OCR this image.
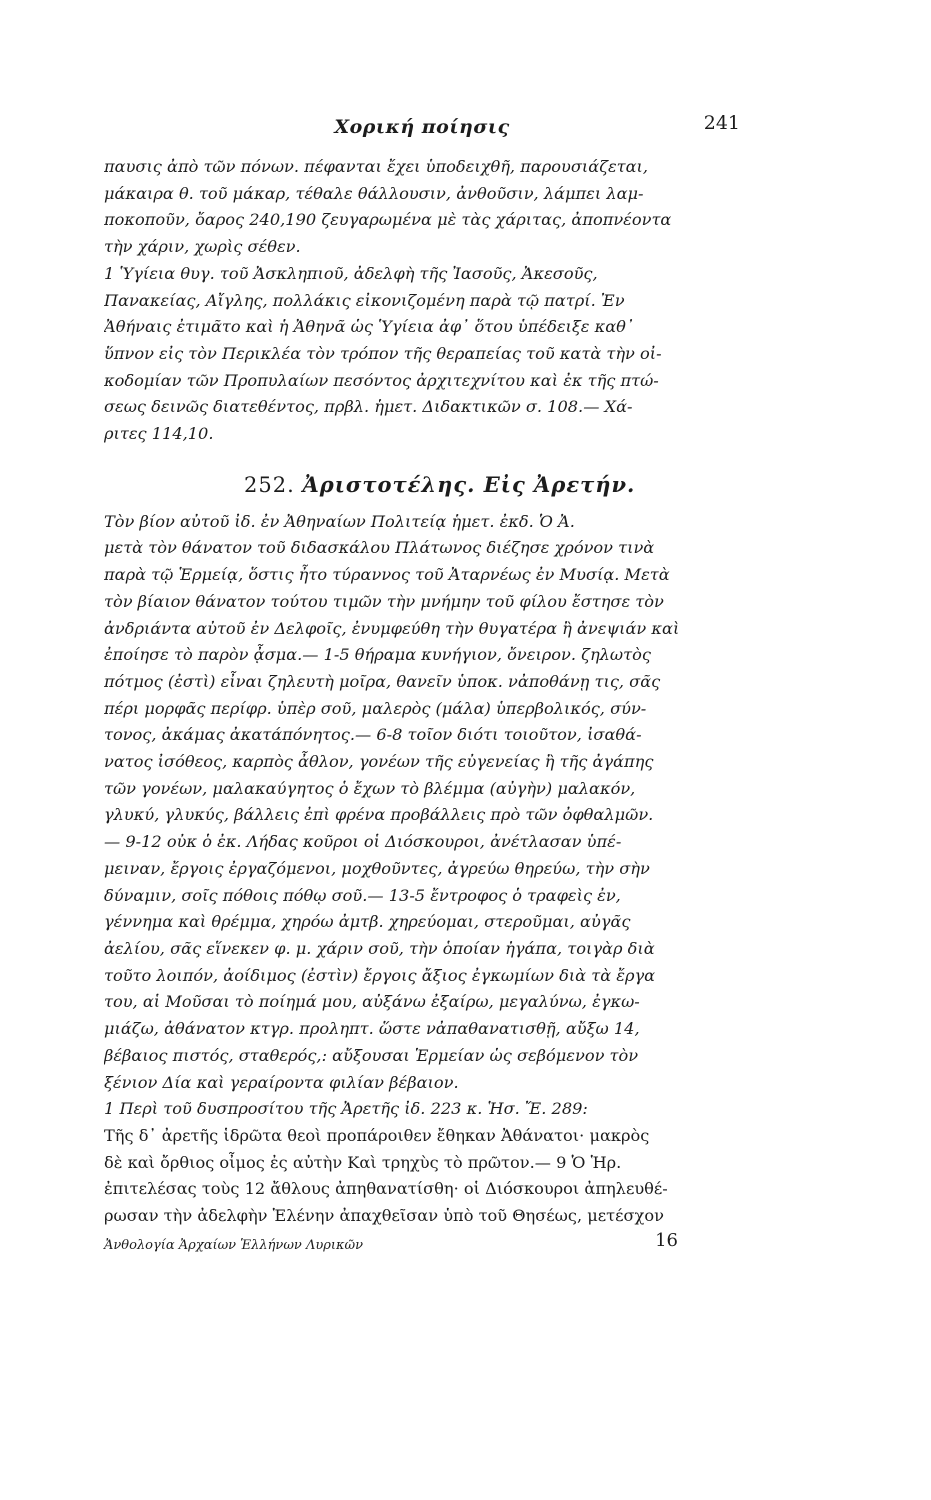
Χορική ποίησις	241
παυσις ἀπὸ τῶν πόνων. πέφανται ἔχει ὑποδειχθῆ, παρουσιάζεται,
μάκαιρα θ. τοῦ μάκαρ, τέθαλε θάλλουσιν, ἀνθοῦσιν, λάμπει λαμ-
ποκοποῦν, ὄαρος 240,190 ζευγαρωμένα μὲ τὰς χάριτας, ἀποπνέοντα
τὴν χάριν, χωρὶς σέθεν.
1 Ὑγίεια θυγ. τοῦ Ἀσκληπιοῦ, ἀδελφὴ τῆς Ἰασοῦς, Ἀκεσοῦς,
Πανακείας, Αἴγλης, πολλάκις εἰκονιζομένη παρὰ τῷ πατρί. Ἐν
Ἀθήναις ἐτιμᾶτο καὶ ἡ Ἀθηνᾶ ὡς Ὑγίεια ἀφ᾽ ὅτου ὑπέδειξε καθ᾽
ὕπνον εἰς τὸν Περικλέα τὸν τρόπον τῆς θεραπείας τοῦ κατὰ τὴν οἰ-
κοδομίαν τῶν Προπυλαίων πεσόντος ἀρχιτεχνίτου καὶ ἐκ τῆς πτώ-
σεως δεινῶς διατεθέντος, πρβλ. ἡμετ. Διδακτικῶν σ. 108.— Χά-
ριτες 114,10.
252. Ἀριστοτέλης. Εἰς Ἀρετήν.
Τὸν βίον αὐτοῦ ἰδ. ἐν Ἀθηναίων Πολιτείᾳ ἡμετ. ἐκδ. Ὁ Ἀ.
μετὰ τὸν θάνατον τοῦ διδασκάλου Πλάτωνος διέζησε χρόνον τινὰ
παρὰ τῷ Ἑρμείᾳ, ὅστις ἦτο τύραννος τοῦ Ἀταρνέως ἐν Μυσίᾳ. Μετὰ
τὸν βίαιον θάνατον τούτου τιμῶν τὴν μνήμην τοῦ φίλου ἔστησε τὸν
ἀνδριάντα αὐτοῦ ἐν Δελφοῖς, ἐνυμφεύθη τὴν θυγατέρα ἢ ἀνεψιάν καὶ
ἐποίησε τὸ παρὸν ᾆσμα.— 1-5 θήραμα κυνήγιον, ὄνειρον. ζηλωτὸς
πότμος (ἐστὶ) εἶναι ζηλευτὴ μοῖρα, θανεῖν ὑποκ. νἀποθάνῃ τις, σᾶς
πέρι μορφᾶς περίφρ. ὑπὲρ σοῦ, μαλερὸς (μάλα) ὑπερβολικός, σύν-
τονος, ἀκάμας ἀκατάπόνητος.— 6-8 τοῖον διότι τοιοῦτον, ἰσαθά-
νατος ἰσόθεος, καρπὸς ἆθλον, γονέων τῆς εὐγενείας ἢ τῆς ἀγάπης
τῶν γονέων, μαλακαύγητος ὁ ἔχων τὸ βλέμμα (αὐγὴν) μαλακόν,
γλυκύ, γλυκύς, βάλλεις ἐπὶ φρένα προβάλλεις πρὸ τῶν ὀφθαλμῶν.
— 9-12 οὐκ ὁ ἐκ. Λήδας κοῦροι οἱ Διόσκουροι, ἀνέτλασαν ὑπέ-
μειναν, ἔργοις ἐργαζόμενοι, μοχθοῦντες, ἀγρεύω θηρεύω, τὴν σὴν
δύναμιν, σοῖς πόθοις πόθῳ σοῦ.— 13-5 ἔντροφος ὁ τραφεὶς ἐν,
γέννημα καὶ θρέμμα, χηρόω ἀμτβ. χηρεύομαι, στεροῦμαι, αὐγᾶς
ἀελίου, σᾶς εἵνεκεν φ. μ. χάριν σοῦ, τὴν ὁποίαν ἠγάπα, τοιγὰρ διὰ
τοῦτο λοιπόν, ἀοίδιμος (ἐστὶν) ἔργοις ἄξιος ἐγκωμίων διὰ τὰ ἔργα
του, αἱ Μοῦσαι τὸ ποίημά μου, αὐξάνω ἐξαίρω, μεγαλύνω, ἐγκω-
μιάζω, ἀθάνατον κτγρ. προληπτ. ὥστε νἀπαθανατισθῇ, αὔξω 14,
βέβαιος πιστός, σταθερός,: αὔξουσαι Ἑρμείαν ὡς σεβόμενον τὸν
ξένιον Δία καὶ γεραίροντα φιλίαν βέβαιον.
1 Περὶ τοῦ δυσπροσίτου τῆς Ἀρετῆς ἰδ. 223 κ. Ἡσ. Ἔ. 289:
Τῆς δ᾽ ἀρετῆς ἱδρῶτα θεοὶ προπάροιθεν ἔθηκαν Ἀθάνατοι· μακρὸς
δὲ καὶ ὄρθιος οἶμος ἐς αὐτὴν Καὶ τρηχὺς τὸ πρῶτον.— 9 Ὁ Ἡρ.
ἐπιτελέσας τοὺς 12 ἄθλους ἀπηθανατίσθη· οἱ Διόσκουροι ἀπηλευθέ-
ρωσαν τὴν ἀδελφὴν Ἑλένην ἀπαχθεῖσαν ὑπὸ τοῦ Θησέως, μετέσχον
Ἀνθολογία Ἀρχαίων Ἑλλήνων Λυρικῶν	16
